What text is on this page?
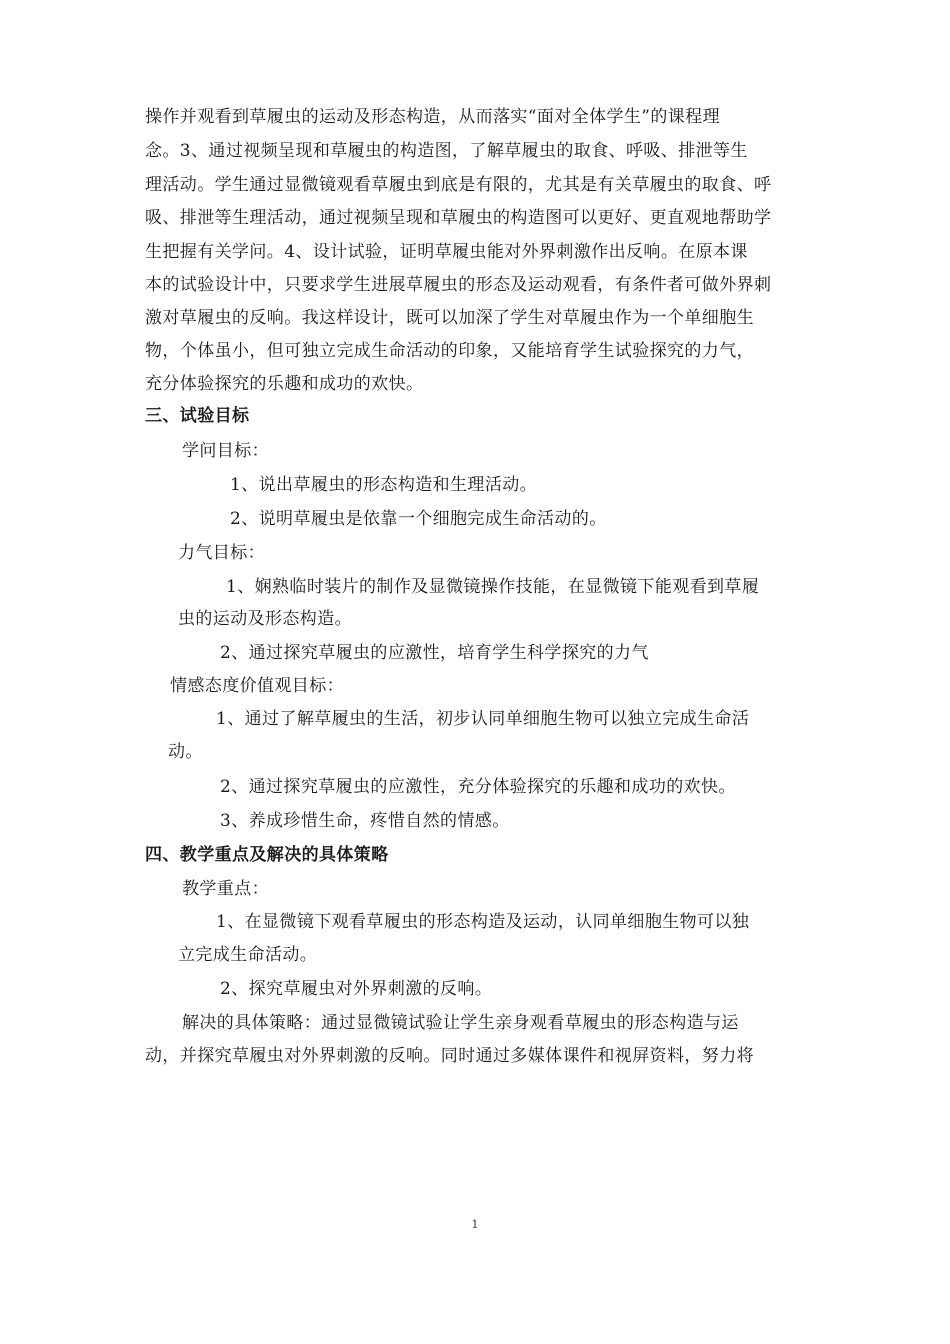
操作并观看到草履虫的运动及形态构造，从而落实“面对全体学生”的课程理
念。3、通过视频呈现和草履虫的构造图，了解草履虫的取食、呼吸、排泄等生
理活动。学生通过显微镜观看草履虫到底是有限的，尤其是有关草履虫的取食、呼
吸、排泄等生理活动，通过视频呈现和草履虫的构造图可以更好、更直观地帮助学
生把握有关学问。4、设计试验，证明草履虫能对外界刺激作出反响。在原本课
本的试验设计中，只要求学生进展草履虫的形态及运动观看，有条件者可做外界刺
激对草履虫的反响。我这样设计，既可以加深了学生对草履虫作为一个单细胞生
物，个体虽小，但可独立完成生命活动的印象，又能培育学生试验探究的力气，
充分体验探究的乐趣和成功的欢快。
三、试验目标
学问目标：
1、说出草履虫的形态构造和生理活动。
2、说明草履虫是依靠一个细胞完成生命活动的。
力气目标：
1、娴熟临时装片的制作及显微镜操作技能，在显微镜下能观看到草履
虫的运动及形态构造。
2、通过探究草履虫的应激性，培育学生科学探究的力气
情感态度价值观目标：
1、通过了解草履虫的生活，初步认同单细胞生物可以独立完成生命活
动。
2、通过探究草履虫的应激性，充分体验探究的乐趣和成功的欢快。
3、养成珍惜生命，疼惜自然的情感。
四、教学重点及解决的具体策略
教学重点：
1、在显微镜下观看草履虫的形态构造及运动，认同单细胞生物可以独
立完成生命活动。
2、探究草履虫对外界刺激的反响。
解决的具体策略：通过显微镜试验让学生亲身观看草履虫的形态构造与运
动，并探究草履虫对外界刺激的反响。同时通过多媒体课件和视屏资料，努力将
1
